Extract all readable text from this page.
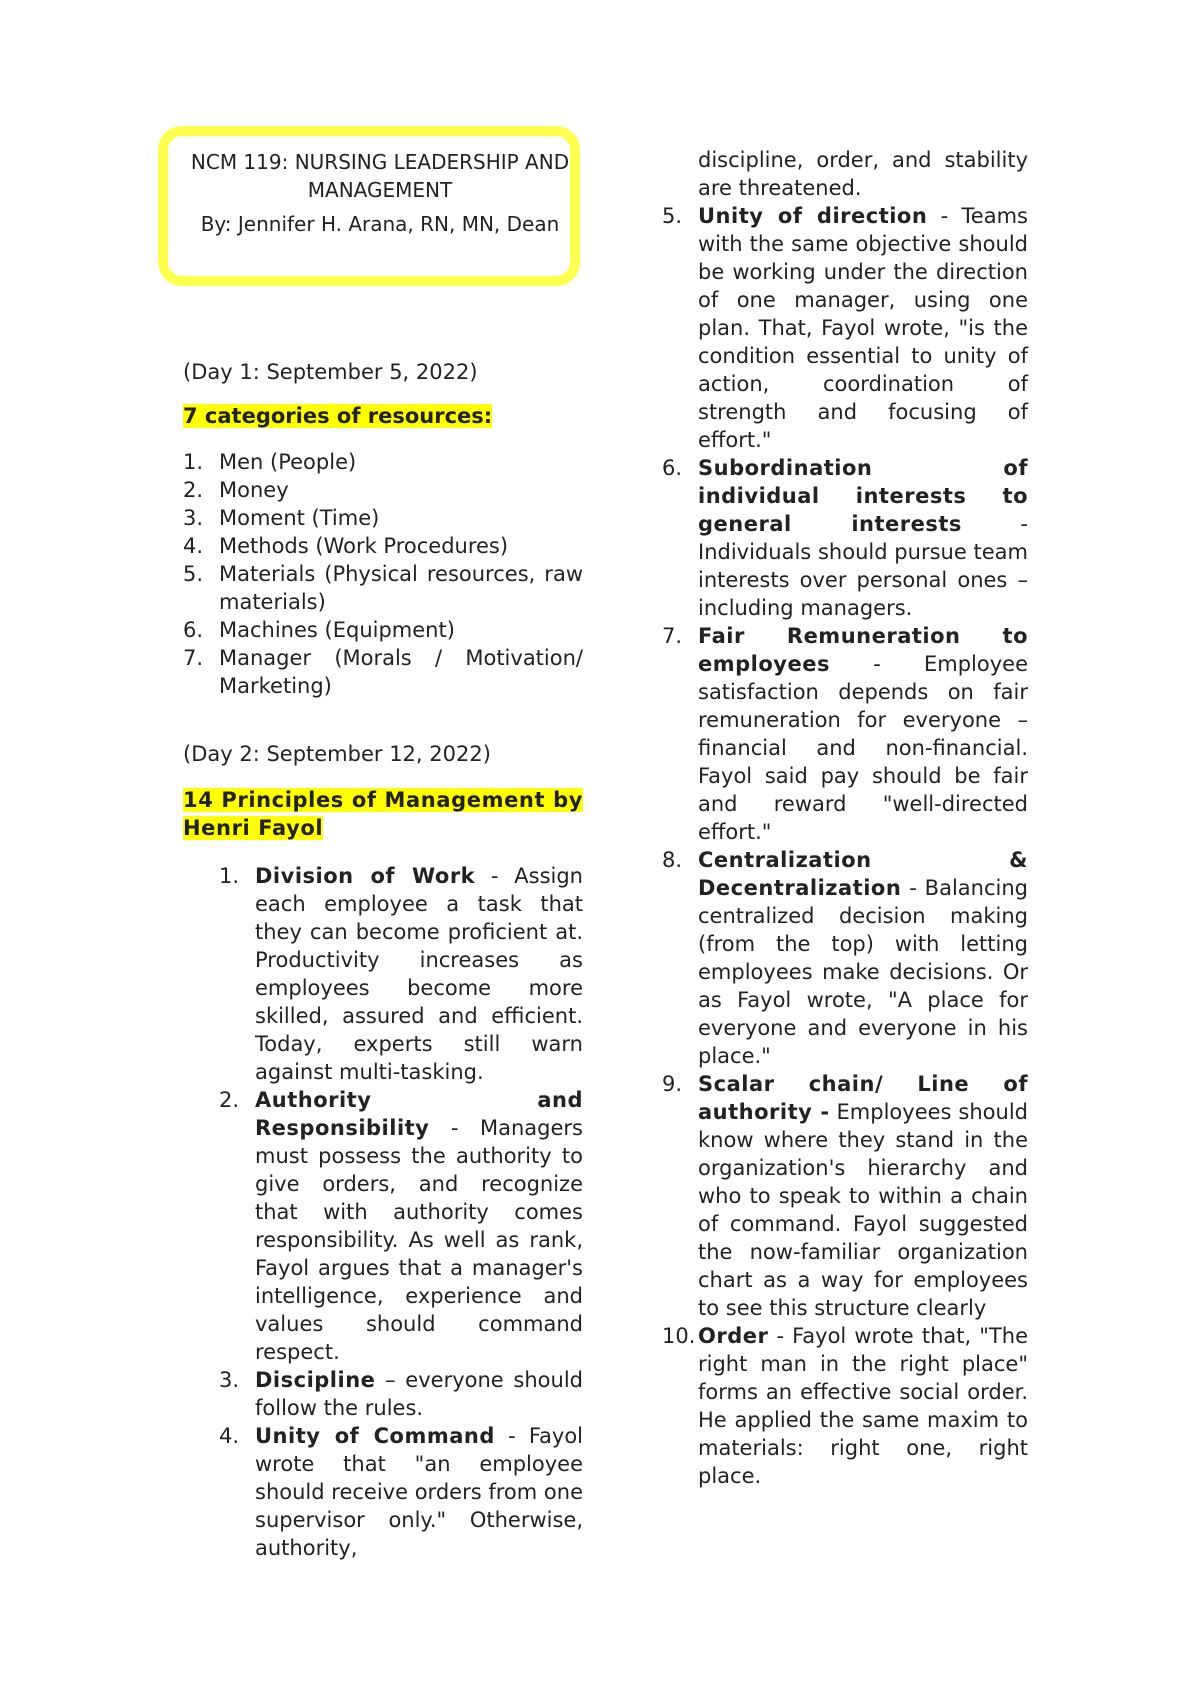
NCM 119: NURSING LEADERSHIP AND MANAGEMENT
By: Jennifer H. Arana, RN, MN, Dean
(Day 1: September 5, 2022)
7 categories of resources:
1. Men (People)
2. Money
3. Moment (Time)
4. Methods (Work Procedures)
5. Materials (Physical resources, raw materials)
6. Machines (Equipment)
7. Manager (Morals / Motivation/ Marketing)
(Day 2: September 12, 2022)
14 Principles of Management by Henri Fayol
1. Division of Work - Assign each employee a task that they can become proficient at. Productivity increases as employees become more skilled, assured and efficient. Today, experts still warn against multi-tasking.
2. Authority and Responsibility - Managers must possess the authority to give orders, and recognize that with authority comes responsibility. As well as rank, Fayol argues that a manager's intelligence, experience and values should command respect.
3. Discipline – everyone should follow the rules.
4. Unity of Command - Fayol wrote that "an employee should receive orders from one supervisor only." Otherwise, authority,
discipline, order, and stability are threatened.
5. Unity of direction - Teams with the same objective should be working under the direction of one manager, using one plan. That, Fayol wrote, "is the condition essential to unity of action, coordination of strength and focusing of effort."
6. Subordination of individual interests to general interests - Individuals should pursue team interests over personal ones – including managers.
7. Fair Remuneration to employees - Employee satisfaction depends on fair remuneration for everyone – financial and non-financial. Fayol said pay should be fair and reward "well-directed effort."
8. Centralization & Decentralization - Balancing centralized decision making (from the top) with letting employees make decisions. Or as Fayol wrote, "A place for everyone and everyone in his place."
9. Scalar chain/ Line of authority - Employees should know where they stand in the organization's hierarchy and who to speak to within a chain of command. Fayol suggested the now-familiar organization chart as a way for employees to see this structure clearly
10. Order - Fayol wrote that, "The right man in the right place" forms an effective social order. He applied the same maxim to materials: right one, right place.
